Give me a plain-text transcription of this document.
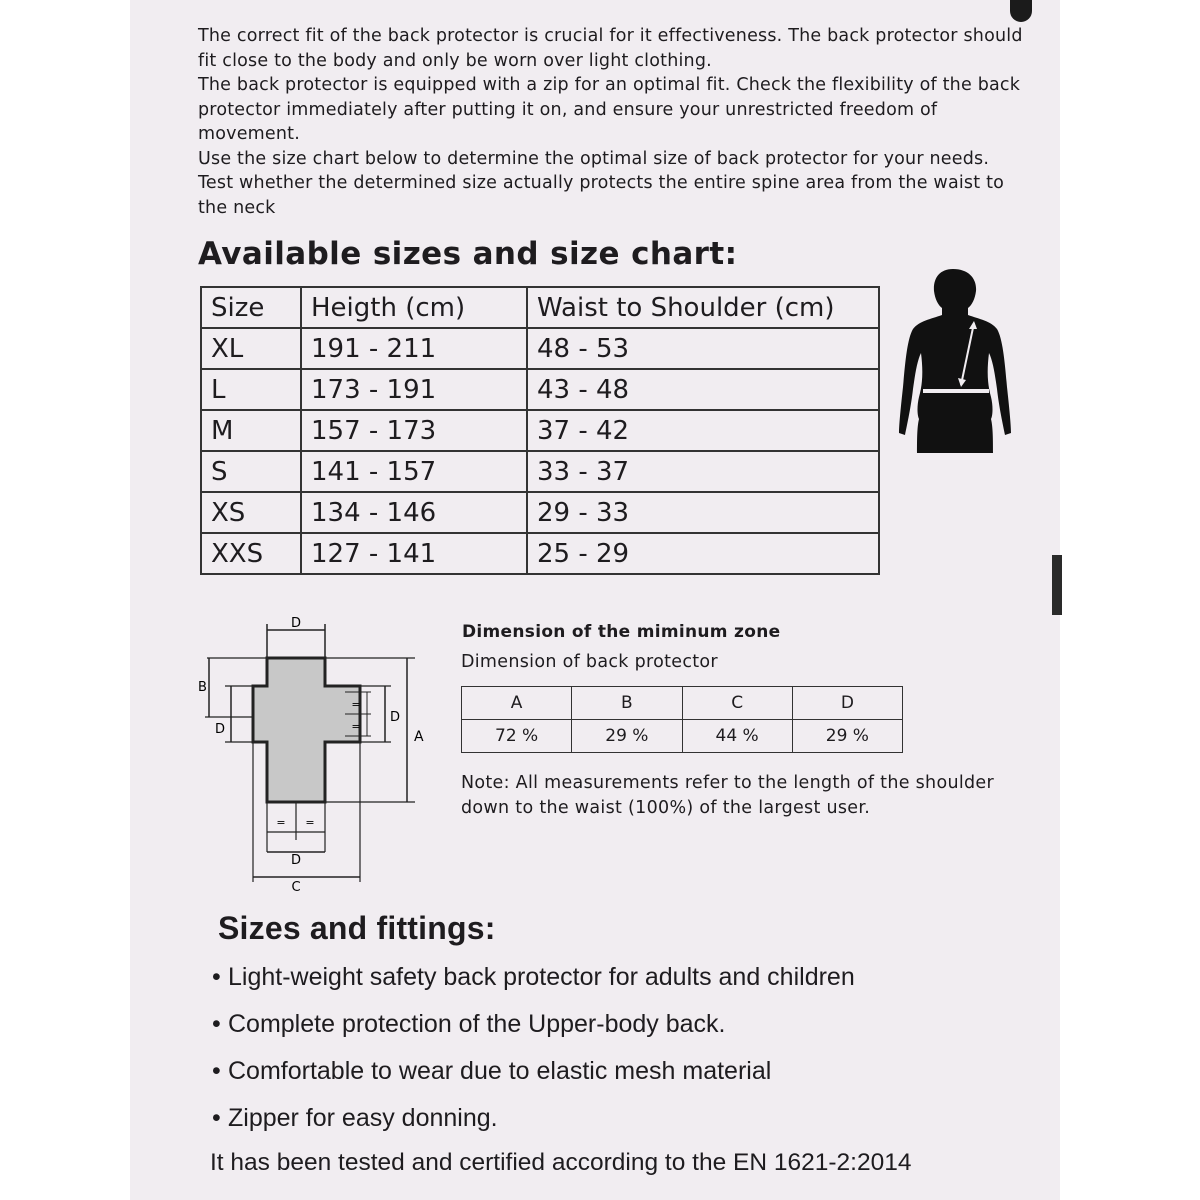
The correct fit of the back protector is crucial for it effectiveness. The back protector should fit close to the body and only be worn over light clothing.

The back protector is equipped with a zip for an optimal fit. Check the flexibility of the back protector immediately after putting it on, and ensure your unrestricted freedom of movement.

Use the size chart below to determine the optimal size of back protector for your needs. Test whether the determined size actually protects the entire spine area from the waist to the neck

Available sizes and size chart:
Size	Heigth (cm)	Waist to Shoulder (cm)
XL	191 - 211	48 - 53
L	173 - 191	43 - 48
M	157 - 173	37 - 42
S	141 - 157	33 - 37
XS	134 - 146	29 - 33
XXS	127 - 141	25 - 29
D
A
B
D
D
=
=
= =
D
C
Dimension of the miminum zone
Dimension of back protector
A	B	C	D
72 %	29 %	44 %	29 %
Note: All measurements refer to the length of the shoulder down to the waist (100%) of the largest user.
Sizes and fittings:
• Light-weight safety back protector for adults and children
• Complete protection of the Upper-body back.
• Comfortable to wear due to elastic mesh material
• Zipper for easy donning.
It has been tested and certified according to the EN 1621-2:2014
